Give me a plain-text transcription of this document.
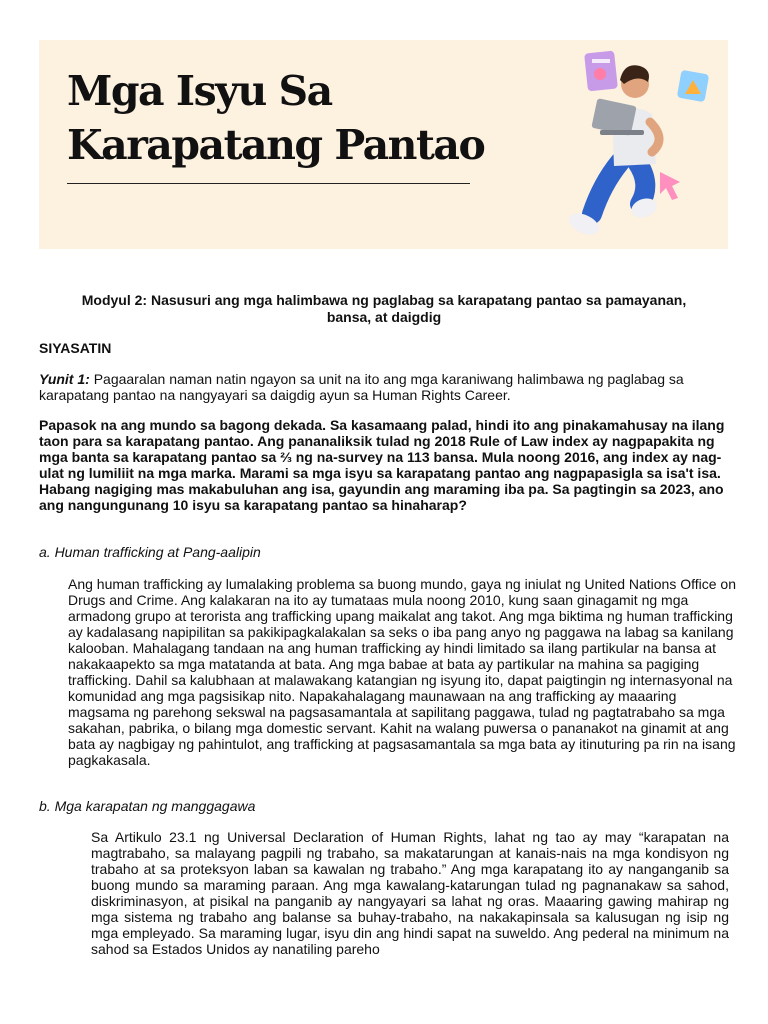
Mga Isyu Sa
Karapatang Pantao
Modyul 2: Nasusuri ang mga halimbawa ng paglabag sa karapatang pantao sa pamayanan, bansa, at daigdig
SIYASATIN
Yunit 1: Pagaaralan naman natin ngayon sa unit na ito ang mga karaniwang halimbawa ng paglabag sa karapatang pantao na nangyayari sa daigdig ayun sa Human Rights Career.
Papasok na ang mundo sa bagong dekada. Sa kasamaang palad, hindi ito ang pinakamahusay na ilang taon para sa karapatang pantao. Ang pananaliksik tulad ng 2018 Rule of Law index ay nagpapakita ng mga banta sa karapatang pantao sa ⅔ ng na-survey na 113 bansa. Mula noong 2016, ang index ay nag-ulat ng lumiliit na mga marka. Marami sa mga isyu sa karapatang pantao ang nagpapasigla sa isa't isa. Habang nagiging mas makabuluhan ang isa, gayundin ang maraming iba pa. Sa pagtingin sa 2023, ano ang nangungunang 10 isyu sa karapatang pantao sa hinaharap?
a. Human trafficking at Pang-aalipin
Ang human trafficking ay lumalaking problema sa buong mundo, gaya ng iniulat ng United Nations Office on Drugs and Crime. Ang kalakaran na ito ay tumataas mula noong 2010, kung saan ginagamit ng mga armadong grupo at terorista ang trafficking upang maikalat ang takot. Ang mga biktima ng human trafficking ay kadalasang napipilitan sa pakikipagkalakalan sa seks o iba pang anyo ng paggawa na labag sa kanilang kalooban. Mahalagang tandaan na ang human trafficking ay hindi limitado sa ilang partikular na bansa at nakakaapekto sa mga matatanda at bata. Ang mga babae at bata ay partikular na mahina sa pagiging trafficking. Dahil sa kalubhaan at malawakang katangian ng isyung ito, dapat paigtingin ng internasyonal na komunidad ang mga pagsisikap nito. Napakahalagang maunawaan na ang trafficking ay maaaring magsama ng parehong sekswal na pagsasamantala at sapilitang paggawa, tulad ng pagtatrabaho sa mga sakahan, pabrika, o bilang mga domestic servant. Kahit na walang puwersa o pananakot na ginamit at ang bata ay nagbigay ng pahintulot, ang trafficking at pagsasamantala sa mga bata ay itinuturing pa rin na isang pagkakasala.
b. Mga karapatan ng manggagawa
Sa Artikulo 23.1 ng Universal Declaration of Human Rights, lahat ng tao ay may “karapatan na magtrabaho, sa malayang pagpili ng trabaho, sa makatarungan at kanais-nais na mga kondisyon ng trabaho at sa proteksyon laban sa kawalan ng trabaho.” Ang mga karapatang ito ay nanganganib sa buong mundo sa maraming paraan. Ang mga kawalang-katarungan tulad ng pagnanakaw sa sahod, diskriminasyon, at pisikal na panganib ay nangyayari sa lahat ng oras. Maaaring gawing mahirap ng mga sistema ng trabaho ang balanse sa buhay-trabaho, na nakakapinsala sa kalusugan ng isip ng mga empleyado. Sa maraming lugar, isyu din ang hindi sapat na suweldo. Ang pederal na minimum na sahod sa Estados Unidos ay nanatiling pareho
